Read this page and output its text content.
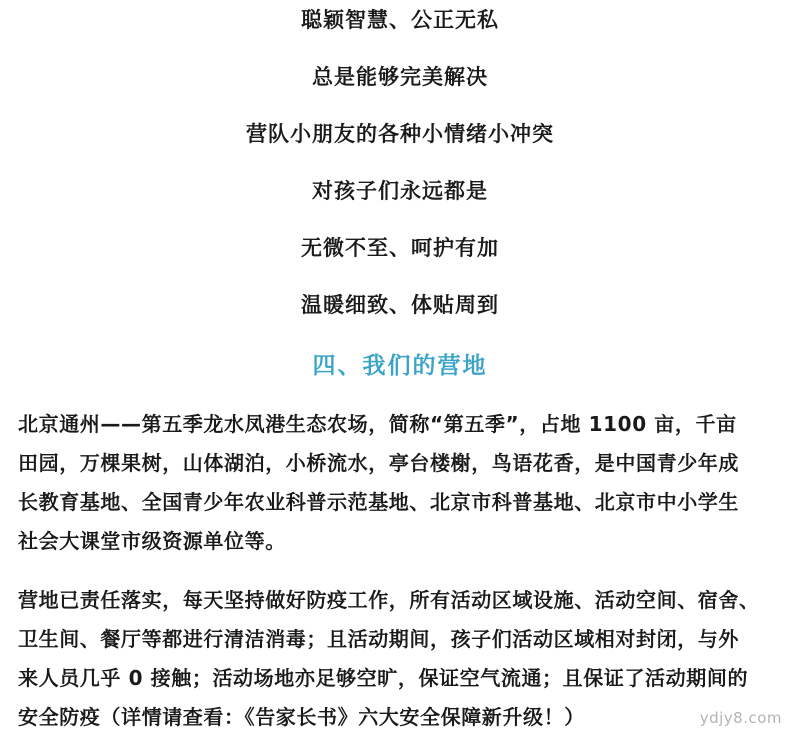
聪颖智慧、公正无私
总是能够完美解决
营队小朋友的各种小情绪小冲突
对孩子们永远都是
无微不至、呵护有加
温暖细致、体贴周到
四、我们的营地
北京通州——第五季龙水凤港生态农场，简称“第五季”，占地 1100 亩，千亩
田园，万棵果树，山体湖泊，小桥流水，亭台楼榭，鸟语花香，是中国青少年成
长教育基地、全国青少年农业科普示范基地、北京市科普基地、北京市中小学生
社会大课堂市级资源单位等。
营地已责任落实，每天坚持做好防疫工作，所有活动区域设施、活动空间、宿舍、
卫生间、餐厅等都进行清洁消毒；且活动期间，孩子们活动区域相对封闭，与外
来人员几乎 0 接触；活动场地亦足够空旷，保证空气流通；且保证了活动期间的
安全防疫（详情请查看：《告家长书》六大安全保障新升级！）	ydjy8.com
